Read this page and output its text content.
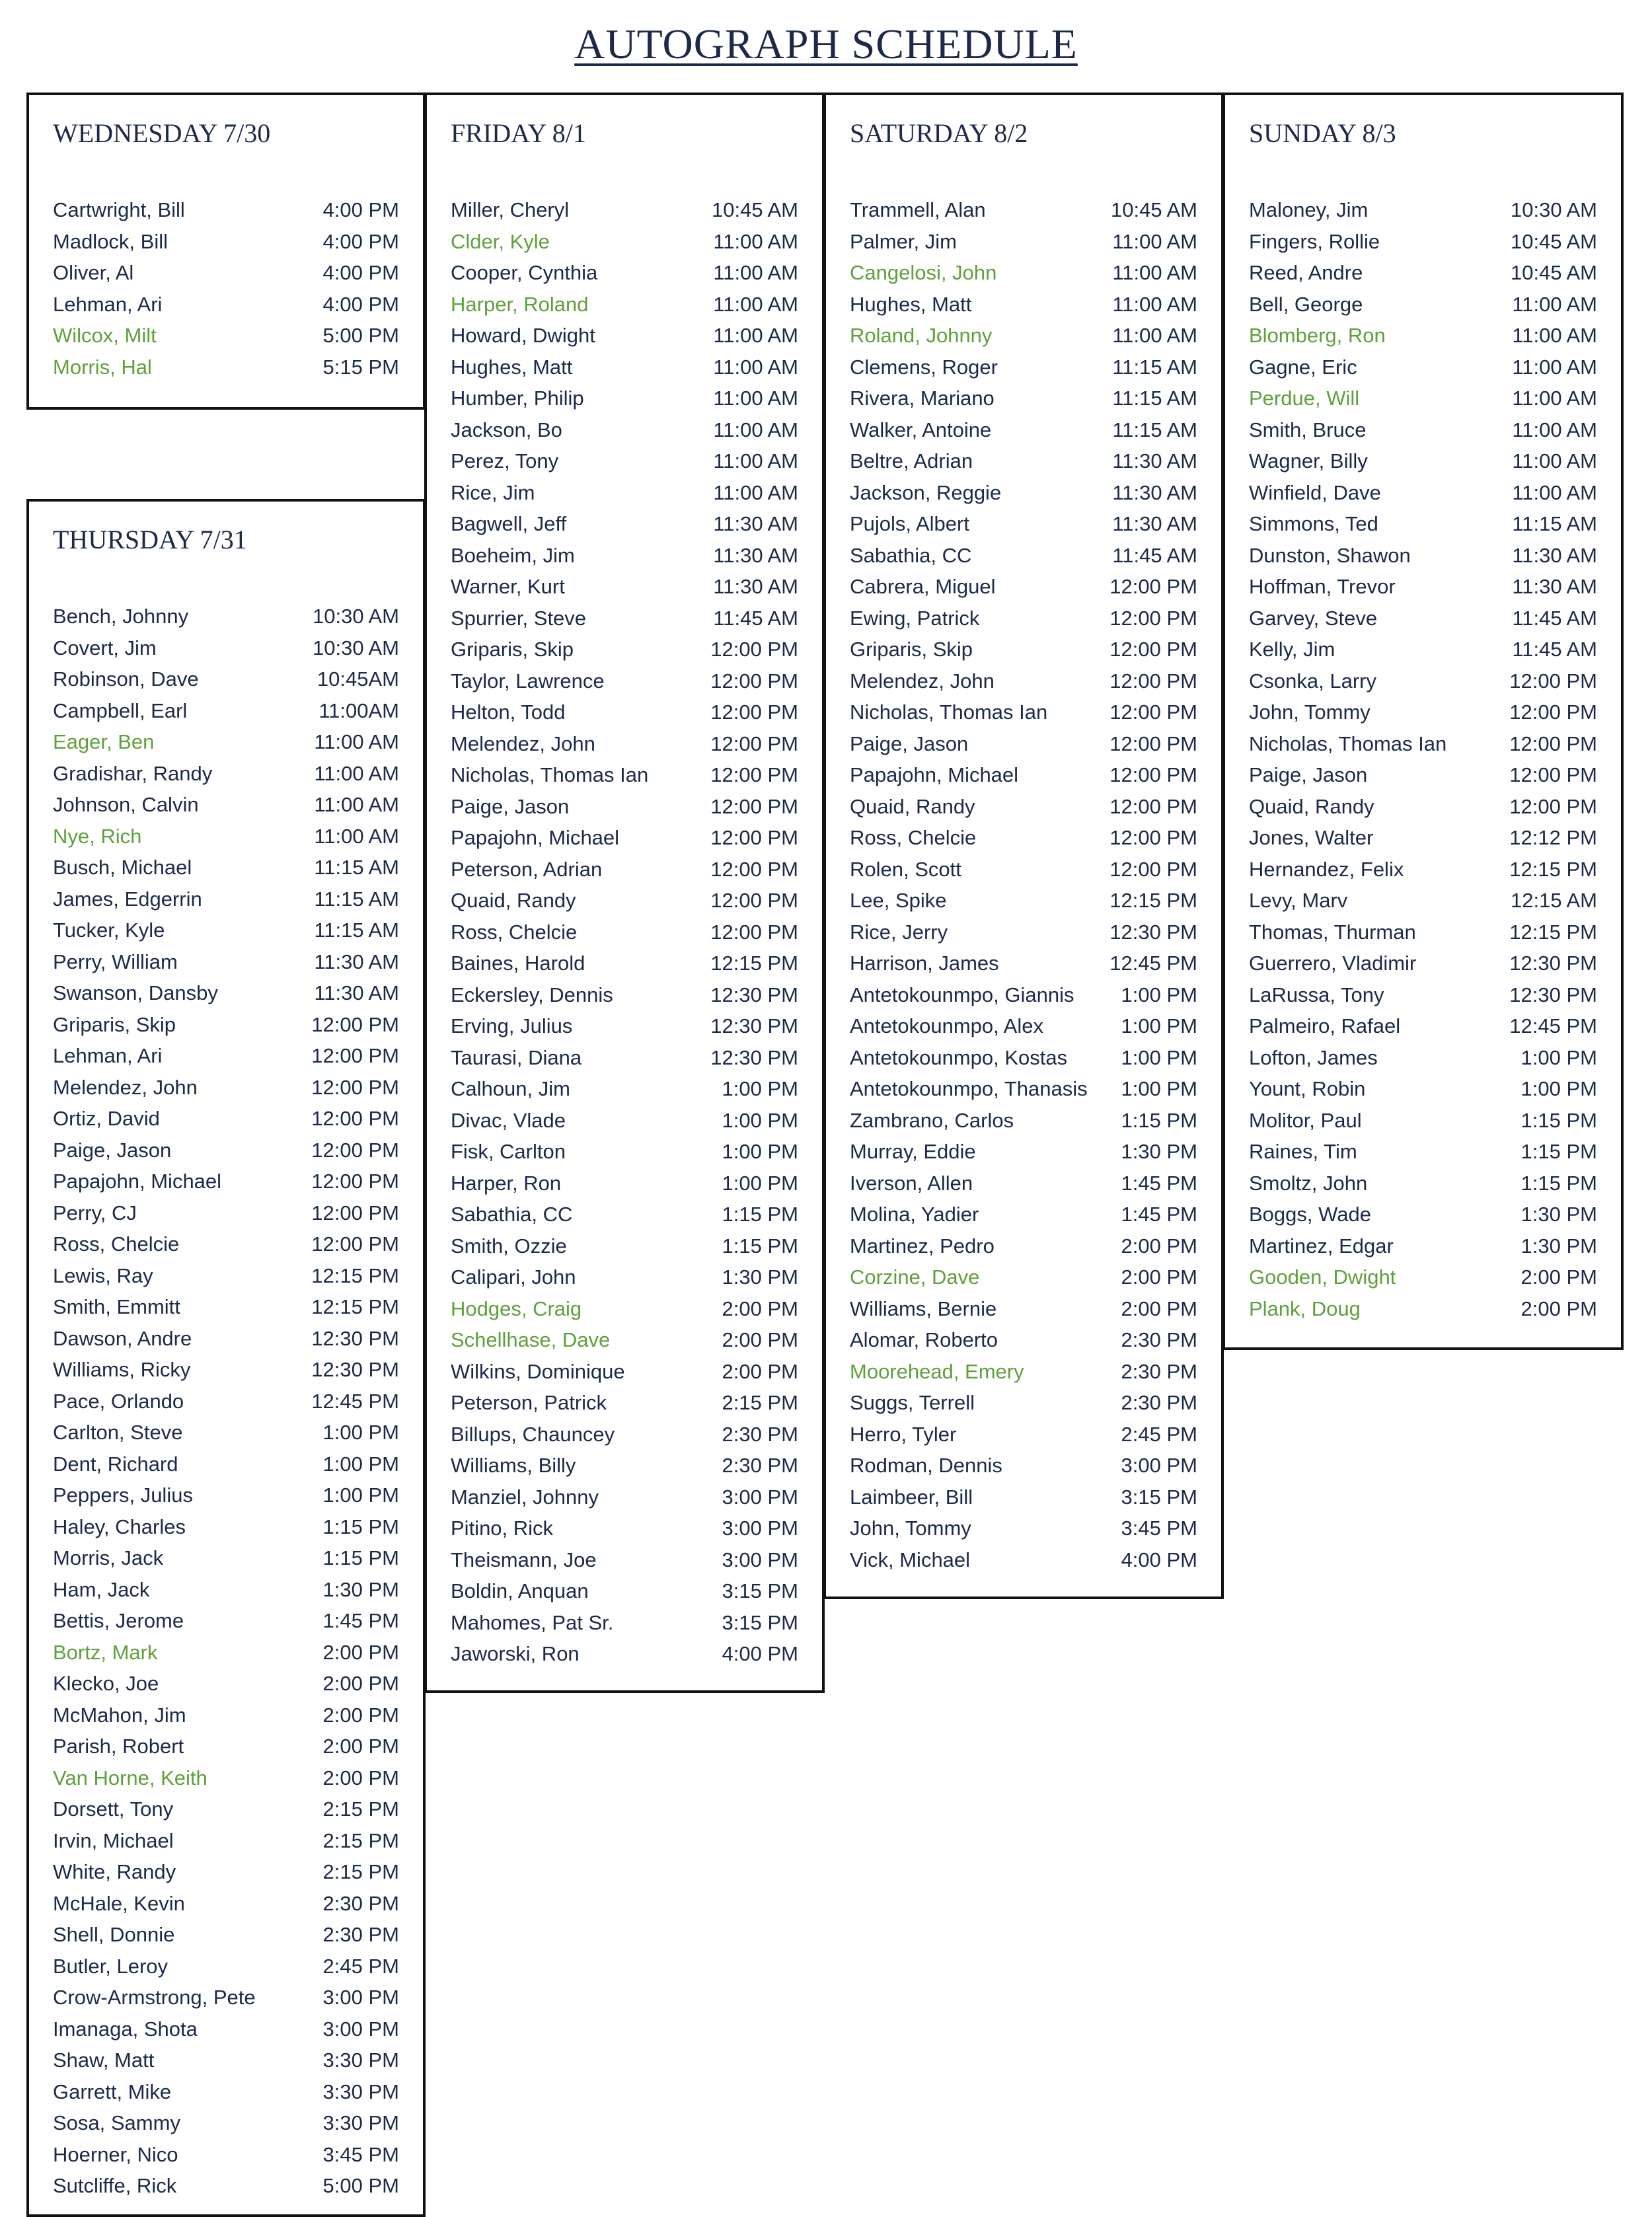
AUTOGRAPH SCHEDULE
WEDNESDAY 7/30
Cartwright, Bill	4:00 PM
Madlock, Bill	4:00 PM
Oliver, Al	4:00 PM
Lehman, Ari	4:00 PM
Wilcox, Milt	5:00 PM
Morris, Hal	5:15 PM
THURSDAY 7/31
Bench, Johnny	10:30 AM
Covert, Jim	10:30 AM
Robinson, Dave	10:45AM
Campbell, Earl	11:00AM
Eager, Ben	11:00 AM
Gradishar, Randy	11:00 AM
Johnson, Calvin	11:00 AM
Nye, Rich	11:00 AM
Busch, Michael	11:15 AM
James, Edgerrin	11:15 AM
Tucker, Kyle	11:15 AM
Perry, William	11:30 AM
Swanson, Dansby	11:30 AM
Griparis, Skip	12:00 PM
Lehman, Ari	12:00 PM
Melendez, John	12:00 PM
Ortiz, David	12:00 PM
Paige, Jason	12:00 PM
Papajohn, Michael	12:00 PM
Perry, CJ	12:00 PM
Ross, Chelcie	12:00 PM
Lewis, Ray	12:15 PM
Smith, Emmitt	12:15 PM
Dawson, Andre	12:30 PM
Williams, Ricky	12:30 PM
Pace, Orlando	12:45 PM
Carlton, Steve	1:00 PM
Dent, Richard	1:00 PM
Peppers, Julius	1:00 PM
Haley, Charles	1:15 PM
Morris, Jack	1:15 PM
Ham, Jack	1:30 PM
Bettis, Jerome	1:45 PM
Bortz, Mark	2:00 PM
Klecko, Joe	2:00 PM
McMahon, Jim	2:00 PM
Parish, Robert	2:00 PM
Van Horne, Keith	2:00 PM
Dorsett, Tony	2:15 PM
Irvin, Michael	2:15 PM
White, Randy	2:15 PM
McHale, Kevin	2:30 PM
Shell, Donnie	2:30 PM
Butler, Leroy	2:45 PM
Crow-Armstrong, Pete	3:00 PM
Imanaga, Shota	3:00 PM
Shaw, Matt	3:30 PM
Garrett, Mike	3:30 PM
Sosa, Sammy	3:30 PM
Hoerner, Nico	3:45 PM
Sutcliffe, Rick	5:00 PM
FRIDAY 8/1
Miller, Cheryl	10:45 AM
Clder, Kyle	11:00 AM
Cooper, Cynthia	11:00 AM
Harper, Roland	11:00 AM
Howard, Dwight	11:00 AM
Hughes, Matt	11:00 AM
Humber, Philip	11:00 AM
Jackson, Bo	11:00 AM
Perez, Tony	11:00 AM
Rice, Jim	11:00 AM
Bagwell, Jeff	11:30 AM
Boeheim, Jim	11:30 AM
Warner, Kurt	11:30 AM
Spurrier, Steve	11:45 AM
Griparis, Skip	12:00 PM
Taylor, Lawrence	12:00 PM
Helton, Todd	12:00 PM
Melendez, John	12:00 PM
Nicholas, Thomas Ian	12:00 PM
Paige, Jason	12:00 PM
Papajohn, Michael	12:00 PM
Peterson, Adrian	12:00 PM
Quaid, Randy	12:00 PM
Ross, Chelcie	12:00 PM
Baines, Harold	12:15 PM
Eckersley, Dennis	12:30 PM
Erving, Julius	12:30 PM
Taurasi, Diana	12:30 PM
Calhoun, Jim	1:00 PM
Divac, Vlade	1:00 PM
Fisk, Carlton	1:00 PM
Harper, Ron	1:00 PM
Sabathia, CC	1:15 PM
Smith, Ozzie	1:15 PM
Calipari, John	1:30 PM
Hodges, Craig	2:00 PM
Schellhase, Dave	2:00 PM
Wilkins, Dominique	2:00 PM
Peterson, Patrick	2:15 PM
Billups, Chauncey	2:30 PM
Williams, Billy	2:30 PM
Manziel, Johnny	3:00 PM
Pitino, Rick	3:00 PM
Theismann, Joe	3:00 PM
Boldin, Anquan	3:15 PM
Mahomes, Pat Sr.	3:15 PM
Jaworski, Ron	4:00 PM
SATURDAY 8/2
Trammell, Alan	10:45 AM
Palmer, Jim	11:00 AM
Cangelosi, John	11:00 AM
Hughes, Matt	11:00 AM
Roland, Johnny	11:00 AM
Clemens, Roger	11:15 AM
Rivera, Mariano	11:15 AM
Walker, Antoine	11:15 AM
Beltre, Adrian	11:30 AM
Jackson, Reggie	11:30 AM
Pujols, Albert	11:30 AM
Sabathia, CC	11:45 AM
Cabrera, Miguel	12:00 PM
Ewing, Patrick	12:00 PM
Griparis, Skip	12:00 PM
Melendez, John	12:00 PM
Nicholas, Thomas Ian	12:00 PM
Paige, Jason	12:00 PM
Papajohn, Michael	12:00 PM
Quaid, Randy	12:00 PM
Ross, Chelcie	12:00 PM
Rolen, Scott	12:00 PM
Lee, Spike	12:15 PM
Rice, Jerry	12:30 PM
Harrison, James	12:45 PM
Antetokounmpo, Giannis 1:00 PM
Antetokounmpo, Alex	1:00 PM
Antetokounmpo, Kostas	1:00 PM
Antetokounmpo, Thanasis 1:00 PM
Zambrano, Carlos	1:15 PM
Murray, Eddie	1:30 PM
Iverson, Allen	1:45 PM
Molina, Yadier	1:45 PM
Martinez, Pedro	2:00 PM
Corzine, Dave	2:00 PM
Williams, Bernie	2:00 PM
Alomar, Roberto	2:30 PM
Moorehead, Emery	2:30 PM
Suggs, Terrell	2:30 PM
Herro, Tyler	2:45 PM
Rodman, Dennis	3:00 PM
Laimbeer, Bill	3:15 PM
John, Tommy	3:45 PM
Vick, Michael	4:00 PM
SUNDAY 8/3
Maloney, Jim	10:30 AM
Fingers, Rollie	10:45 AM
Reed, Andre	10:45 AM
Bell, George	11:00 AM
Blomberg, Ron	11:00 AM
Gagne, Eric	11:00 AM
Perdue, Will	11:00 AM
Smith, Bruce	11:00 AM
Wagner, Billy	11:00 AM
Winfield, Dave	11:00 AM
Simmons, Ted	11:15 AM
Dunston, Shawon	11:30 AM
Hoffman, Trevor	11:30 AM
Garvey, Steve	11:45 AM
Kelly, Jim	11:45 AM
Csonka, Larry	12:00 PM
John, Tommy	12:00 PM
Nicholas, Thomas Ian	12:00 PM
Paige, Jason	12:00 PM
Quaid, Randy	12:00 PM
Jones, Walter	12:12 PM
Hernandez, Felix	12:15 PM
Levy, Marv	12:15 AM
Thomas, Thurman	12:15 PM
Guerrero, Vladimir	12:30 PM
LaRussa, Tony	12:30 PM
Palmeiro, Rafael	12:45 PM
Lofton, James	1:00 PM
Yount, Robin	1:00 PM
Molitor, Paul	1:15 PM
Raines, Tim	1:15 PM
Smoltz, John	1:15 PM
Boggs, Wade	1:30 PM
Martinez, Edgar	1:30 PM
Gooden, Dwight	2:00 PM
Plank, Doug	2:00 PM
